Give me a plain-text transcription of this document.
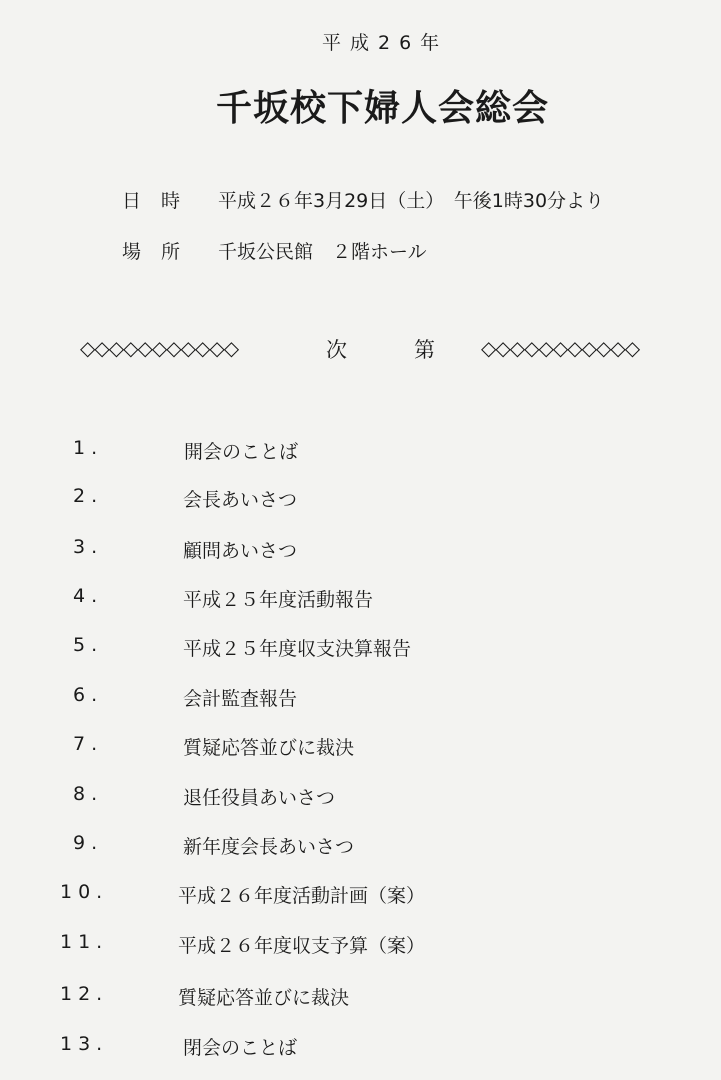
平成26年
千坂校下婦人会総会
日時 平成２６年3月29日（土）　午後1時30分より
場所 千坂公民館　２階ホール
◇◇◇◇◇◇◇◇◇◇◇	次	第 ◇◇◇◇◇◇◇◇◇◇◇
1.	開会のことば
2.	会長あいさつ
3.	顧問あいさつ
4.	平成２５年度活動報告
5.	平成２５年度収支決算報告
6.	会計監査報告
7.	質疑応答並びに裁決
8.	退任役員あいさつ
9.	新年度会長あいさつ
10.	平成２６年度活動計画（案）
11.	平成２６年度収支予算（案）
12.	質疑応答並びに裁決
13.	閉会のことば
